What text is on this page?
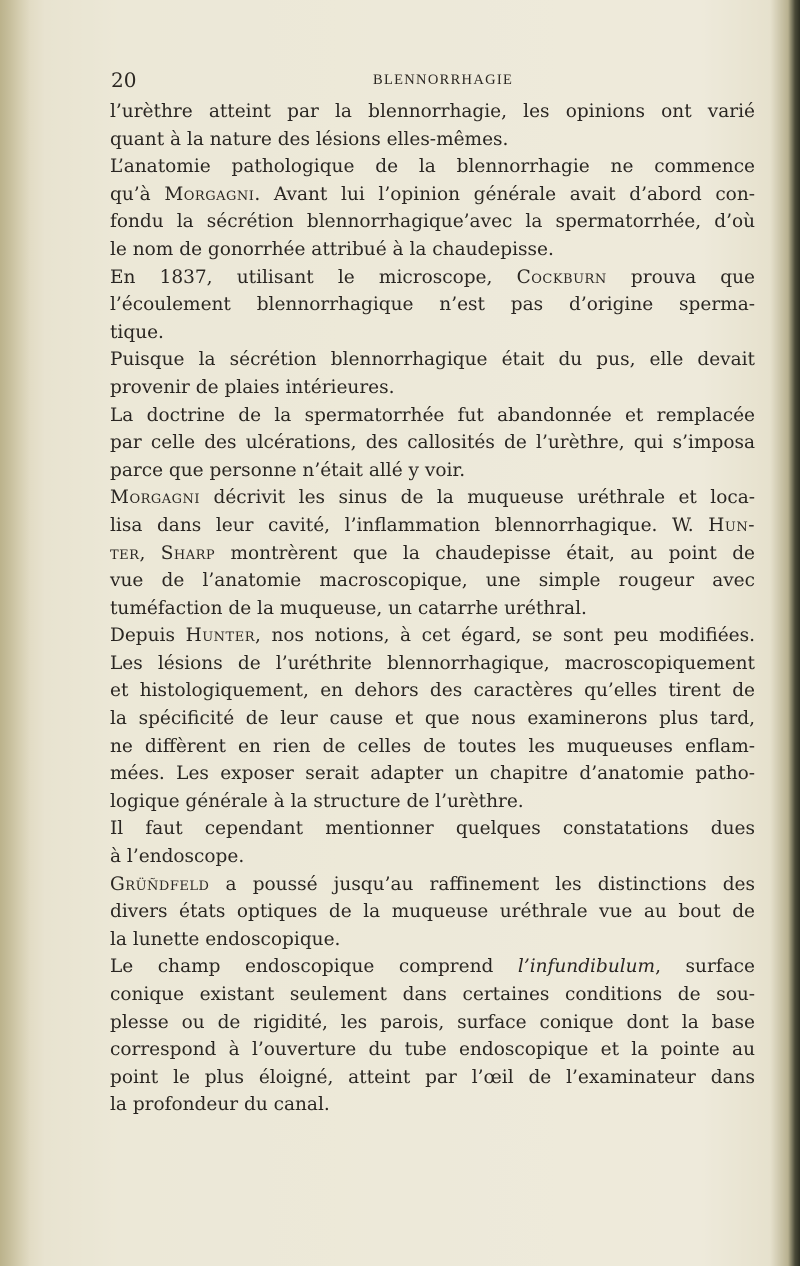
20	BLENNORRHAGIE
l’urèthre atteint par la blennorrhagie, les opinions ont varié
quant à la nature des lésions elles-mêmes.
L’anatomie pathologique de la blennorrhagie ne commence
qu’à Morgagni. Avant lui l’opinion générale avait d’abord con-
fondu la sécrétion blennorrhagique’avec la spermatorrhée, d’où
le nom de gonorrhée attribué à la chaudepisse.
En 1837, utilisant le microscope, Cockburn prouva que
l’écoulement blennorrhagique n’est pas d’origine sperma-
tique.
Puisque la sécrétion blennorrhagique était du pus, elle devait
provenir de plaies intérieures.
La doctrine de la spermatorrhée fut abandonnée et remplacée
par celle des ulcérations, des callosités de l’urèthre, qui s’imposa
parce que personne n’était allé y voir.
Morgagni décrivit les sinus de la muqueuse uréthrale et loca-
lisa dans leur cavité, l’inflammation blennorrhagique. W. Hun-
ter, Sharp montrèrent que la chaudepisse était, au point de
vue de l’anatomie macroscopique, une simple rougeur avec
tuméfaction de la muqueuse, un catarrhe uréthral.
Depuis Hunter, nos notions, à cet égard, se sont peu modifiées.
Les lésions de l’uréthrite blennorrhagique, macroscopiquement
et histologiquement, en dehors des caractères qu’elles tirent de
la spécificité de leur cause et que nous examinerons plus tard,
ne diffèrent en rien de celles de toutes les muqueuses enflam-
mées. Les exposer serait adapter un chapitre d’anatomie patho-
logique générale à la structure de l’urèthre.
Il faut cependant mentionner quelques constatations dues
à l’endoscope.
Grüñdfeld a poussé jusqu’au raffinement les distinctions des
divers états optiques de la muqueuse uréthrale vue au bout de
la lunette endoscopique.
Le champ endoscopique comprend l’infundibulum, surface
conique existant seulement dans certaines conditions de sou-
plesse ou de rigidité, les parois, surface conique dont la base
correspond à l’ouverture du tube endoscopique et la pointe au
point le plus éloigné, atteint par l’œil de l’examinateur dans
la profondeur du canal.
